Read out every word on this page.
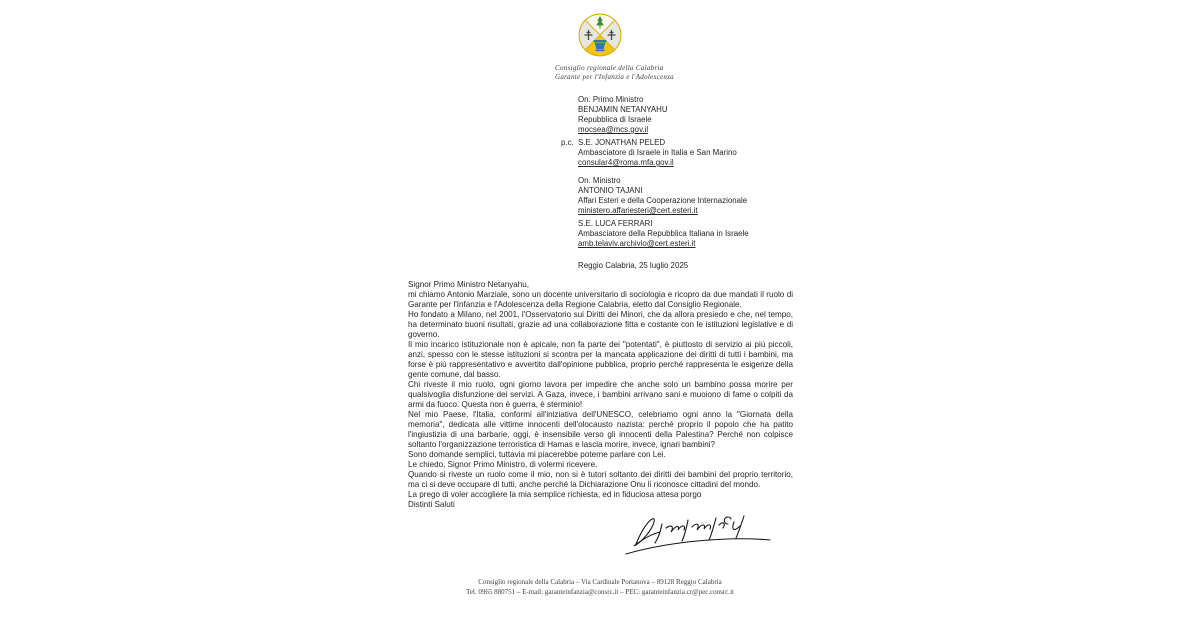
Consiglio regionale della Calabria
Garante per l'Infanzia e l'Adolescenza
On. Primo Ministro
BENJAMIN NETANYAHU
Repubblica di Israele
mocsea@mcs.gov.il
p.c. S.E. JONATHAN PELED
Ambasciatore di Israele in Italia e San Marino
consular4@roma.mfa.gov.il
On. Ministro
ANTONIO TAJANI
Affari Esteri e della Cooperazione Internazionale
ministero.affariesteri@cert.esteri.it
S.E. LUCA FERRARI
Ambasciatore della Repubblica Italiana in Israele
amb.telaviv.archivio@cert.esteri.it
Reggio Calabria, 25 luglio 2025

Signor Primo Ministro Netanyahu,

mi chiamo Antonio Marziale, sono un docente universitario di sociologia e ricopro da due mandati il ruolo di Garante per l'Infanzia e l'Adolescenza della Regione Calabria, eletto dal Consiglio Regionale.

Ho fondato a Milano, nel 2001, l'Osservatorio sui Diritti dei Minori, che da allora presiedo e che, nel tempo, ha determinato buoni risultati, grazie ad una collaborazione fitta e costante con le istituzioni legislative e di governo.

Il mio incarico istituzionale non è apicale, non fa parte dei "potentati", è piuttosto di servizio ai più piccoli, anzi, spesso con le stesse istituzioni si scontra per la mancata applicazione dei diritti di tutti i bambini, ma forse è più rappresentativo e avvertito dall'opinione pubblica, proprio perché rappresenta le esigenze della gente comune, dal basso.

Chi riveste il mio ruolo, ogni giorno lavora per impedire che anche solo un bambino possa morire per qualsivoglia disfunzione dei servizi. A Gaza, invece, i bambini arrivano sani e muoiono di fame o colpiti da armi da fuoco. Questa non è guerra, è sterminio!

Nel mio Paese, l'Italia, conformi all'iniziativa dell'UNESCO, celebriamo ogni anno la "Giornata della memoria", dedicata alle vittime innocenti dell'olocausto nazista: perché proprio il popolo che ha patito l'ingiustizia di una barbarie, oggi, è insensibile verso gli innocenti della Palestina? Perché non colpisce soltanto l'organizzazione terroristica di Hamas e lascia morire, invece, ignari bambini?

Sono domande semplici, tuttavia mi piacerebbe poterne parlare con Lei.

Le chiedo, Signor Primo Ministro, di volermi ricevere.

Quando si riveste un ruolo come il mio, non si è tutori soltanto dei diritti dei bambini del proprio territorio, ma ci si deve occupare di tutti, anche perché la Dichiarazione Onu li riconosce cittadini del mondo.

La prego di voler accogliere la mia semplice richiesta, ed in fiduciosa attesa porgo

Distinti Saluti

Consiglio regionale della Calabria – Via Cardinale Portanova – 89128 Reggio Calabria
Tel. 0965 880751 – E-mail: garanteinfanzia@consrc.it – PEC: garanteinfanzia.cr@pec.consrc.it
